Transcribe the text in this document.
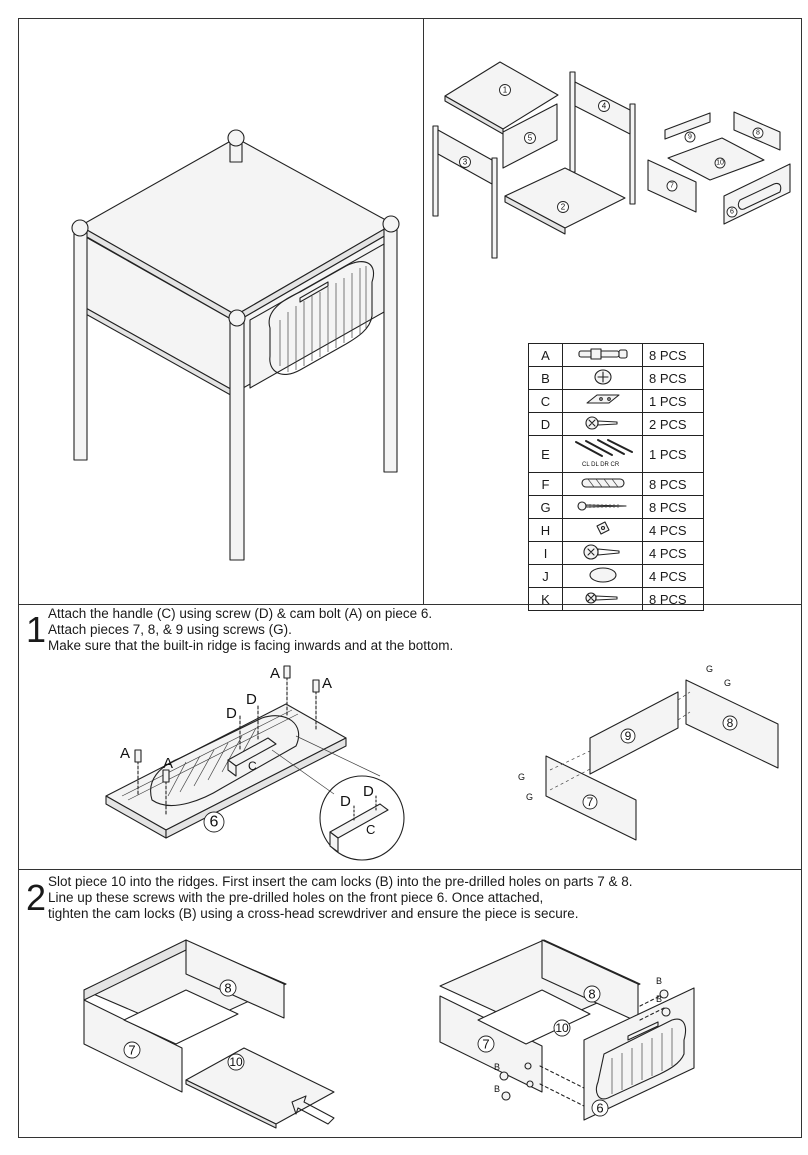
1
5
3
4
2
9
8
10
7
6
A		8 PCS
B		8 PCS
C		1 PCS
D		2 PCS
E	CL DL DR CR	1 PCS
F		8 PCS
G		8 PCS
H		4 PCS
I		4 PCS
J		4 PCS
K		8 PCS
1 Attach the handle (C) using screw (D) & cam bolt (A) on piece 6.
Attach pieces 7, 8, & 9 using screws (G).
Make sure that the built-in ridge is facing inwards and at the bottom.
C
6
A
A
A
A
D
D
C
D
D
9
8
7
G
G
G
G
2 Slot piece 10 into the ridges. First insert the cam locks (B) into the pre-drilled holes on parts 7 & 8.
Line up these screws with the pre-drilled holes on the front piece 6. Once attached,
tighten the cam locks (B) using a cross-head screwdriver and ensure the piece is secure.
8
7
10
8
7
10
6
B
B
B
B
